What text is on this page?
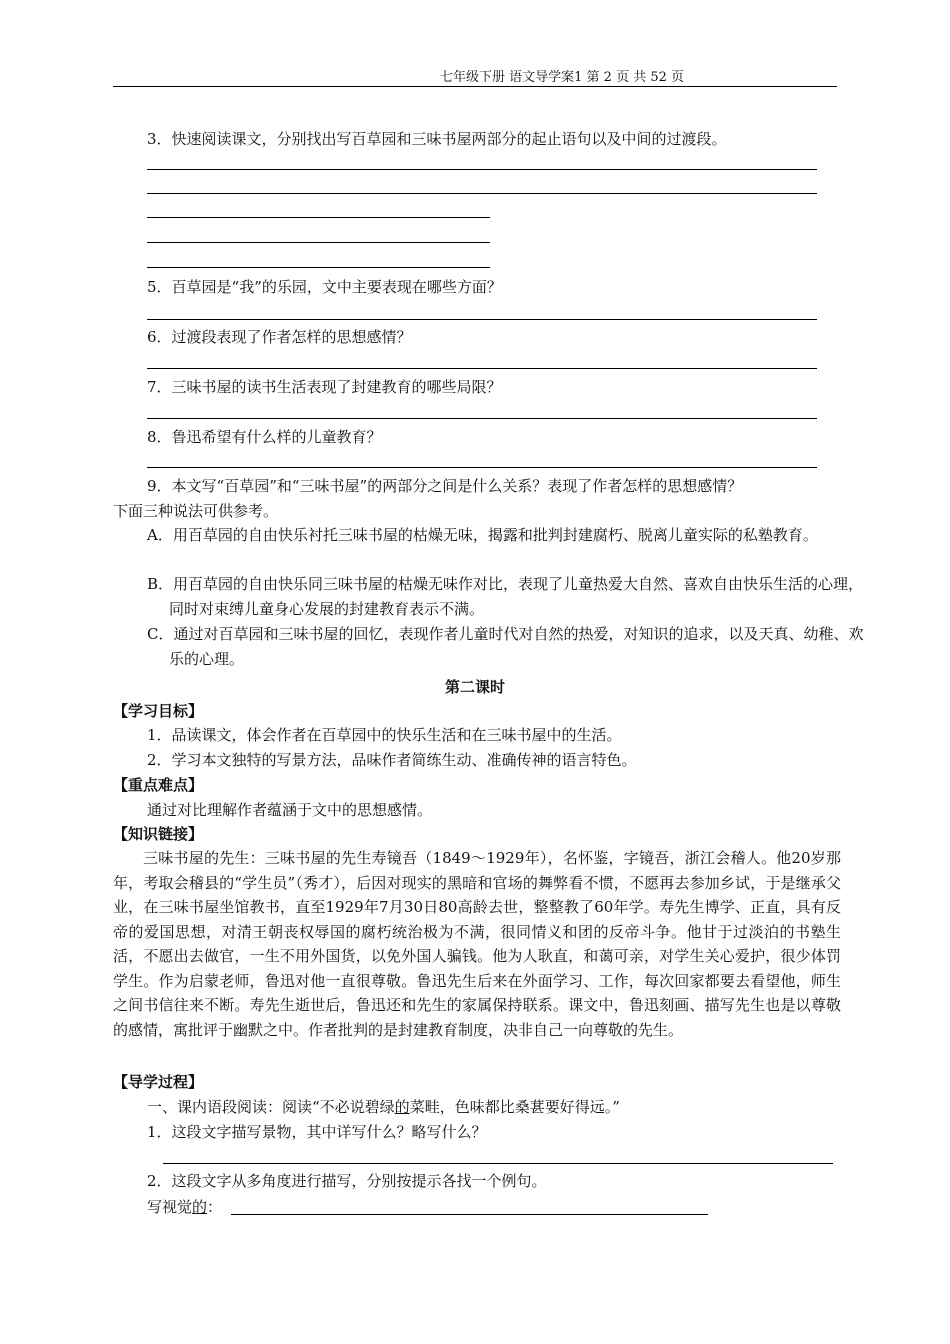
七年级下册 语文导学案1 第 2 页 共 52 页
3．快速阅读课文，分别找出写百草园和三味书屋两部分的起止语句以及中间的过渡段。
5．百草园是“我”的乐园，文中主要表现在哪些方面？
6．过渡段表现了作者怎样的思想感情？
7．三味书屋的读书生活表现了封建教育的哪些局限？
8．鲁迅希望有什么样的儿童教育？
9．本文写“百草园”和“三味书屋”的两部分之间是什么关系？表现了作者怎样的思想感情？
下面三种说法可供参考。
A．用百草园的自由快乐衬托三味书屋的枯燥无味，揭露和批判封建腐朽、脱离儿童实际的私塾教育。
B．用百草园的自由快乐同三味书屋的枯燥无味作对比，表现了儿童热爱大自然、喜欢自由快乐生活的心理，同时对束缚儿童身心发展的封建教育表示不满。
C．通过对百草园和三味书屋的回忆，表现作者儿童时代对自然的热爱，对知识的追求，以及天真、幼稚、欢乐的心理。
第二课时
【学习目标】
1．品读课文，体会作者在百草园中的快乐生活和在三味书屋中的生活。
2．学习本文独特的写景方法，品味作者简练生动、准确传神的语言特色。
【重点难点】
通过对比理解作者蕴涵于文中的思想感情。
【知识链接】
三味书屋的先生：三味书屋的先生寿镜吾（1849～1929年），名怀鉴，字镜吾，浙江会稽人。他20岁那年，考取会稽县的“学生员”（秀才），后因对现实的黑暗和官场的舞弊看不惯，不愿再去参加乡试，于是继承父业，在三味书屋坐馆教书，直至1929年7月30日80高龄去世，整整教了60年学。寿先生博学、正直，具有反帝的爱国思想，对清王朝丧权辱国的腐朽统治极为不满，很同情义和团的反帝斗争。他甘于过淡泊的书塾生活，不愿出去做官，一生不用外国货，以免外国人骗钱。他为人耿直，和蔼可亲，对学生关心爱护，很少体罚学生。作为启蒙老师，鲁迅对他一直很尊敬。鲁迅先生后来在外面学习、工作，每次回家都要去看望他，师生之间书信往来不断。寿先生逝世后，鲁迅还和先生的家属保持联系。课文中，鲁迅刻画、描写先生也是以尊敬的感情，寓批评于幽默之中。作者批判的是封建教育制度，决非自己一向尊敬的先生。
【导学过程】
一、课内语段阅读：阅读“不必说碧绿的菜畦，色味都比桑葚要好得远。”
1．这段文字描写景物，其中详写什么？略写什么？
2．这段文字从多角度进行描写，分别按提示各找一个例句。
写视觉的：
